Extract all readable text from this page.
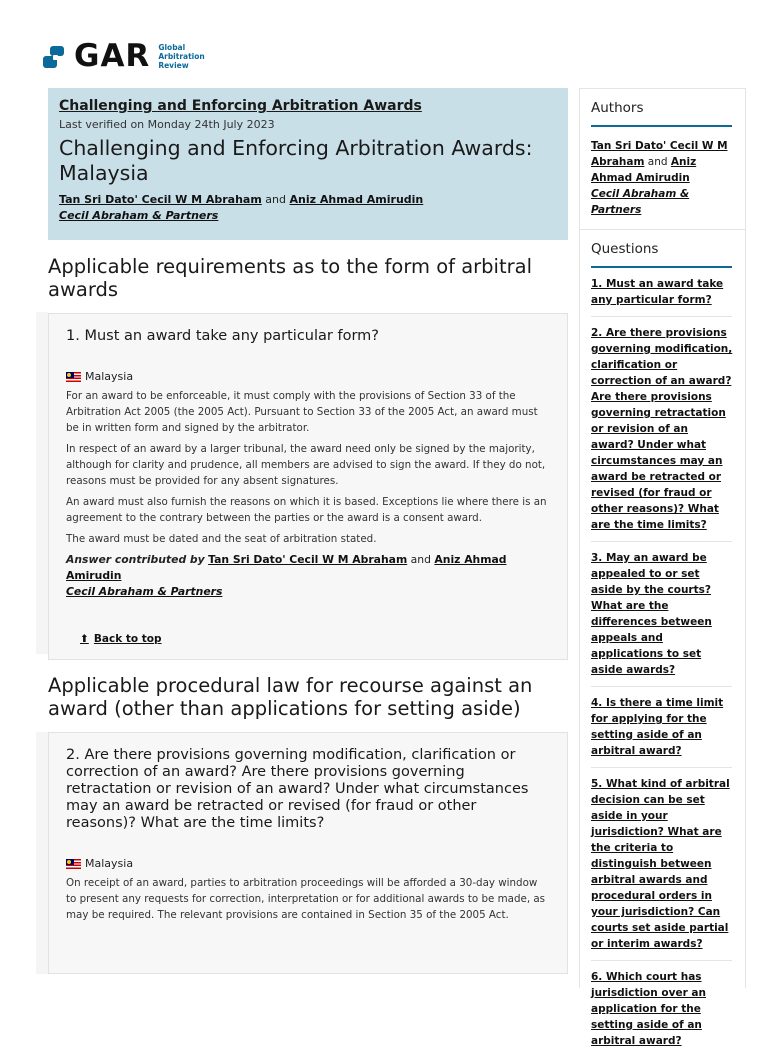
GAR Global
Arbitration
Review
Challenging and Enforcing Arbitration Awards
Last verified on Monday 24th July 2023
Challenging and Enforcing Arbitration Awards: Malaysia
Tan Sri Dato' Cecil W M Abraham and Aniz Ahmad Amirudin
Cecil Abraham & Partners
Applicable requirements as to the form of arbitral awards
1. Must an award take any particular form?
Malaysia

For an award to be enforceable, it must comply with the provisions of Section 33 of the Arbitration Act 2005 (the 2005 Act). Pursuant to Section 33 of the 2005 Act, an award must be in written form and signed by the arbitrator.

In respect of an award by a larger tribunal, the award need only be signed by the majority, although for clarity and prudence, all members are advised to sign the award. If they do not, reasons must be provided for any absent signatures.

An award must also furnish the reasons on which it is based. Exceptions lie where there is an agreement to the contrary between the parties or the award is a consent award.

The award must be dated and the seat of arbitration stated.

Answer contributed by Tan Sri Dato' Cecil W M Abraham and Aniz Ahmad Amirudin
Cecil Abraham & Partners
⬆︎ Back to top
Applicable procedural law for recourse against an award (other than applications for setting aside)
2. Are there provisions governing modification, clarification or correction of an award? Are there provisions governing retractation or revision of an award? Under what circumstances may an award be retracted or revised (for fraud or other reasons)? What are the time limits?
Malaysia

On receipt of an award, parties to arbitration proceedings will be afforded a 30-day window to present any requests for correction, interpretation or for additional awards to be made, as may be required. The relevant provisions are contained in Section 35 of the 2005 Act.

Authors
Tan Sri Dato' Cecil W M Abraham and Aniz Ahmad Amirudin
Cecil Abraham & Partners
Questions
1. Must an award take any particular form?
2. Are there provisions governing modification, clarification or correction of an award? Are there provisions governing retractation or revision of an award? Under what circumstances may an award be retracted or revised (for fraud or other reasons)? What are the time limits?
3. May an award be appealed to or set aside by the courts? What are the differences between appeals and applications to set aside awards?
4. Is there a time limit for applying for the setting aside of an arbitral award?
5. What kind of arbitral decision can be set aside in your jurisdiction? What are the criteria to distinguish between arbitral awards and procedural orders in your jurisdiction? Can courts set aside partial or interim awards?
6. Which court has jurisdiction over an application for the setting aside of an arbitral award?
